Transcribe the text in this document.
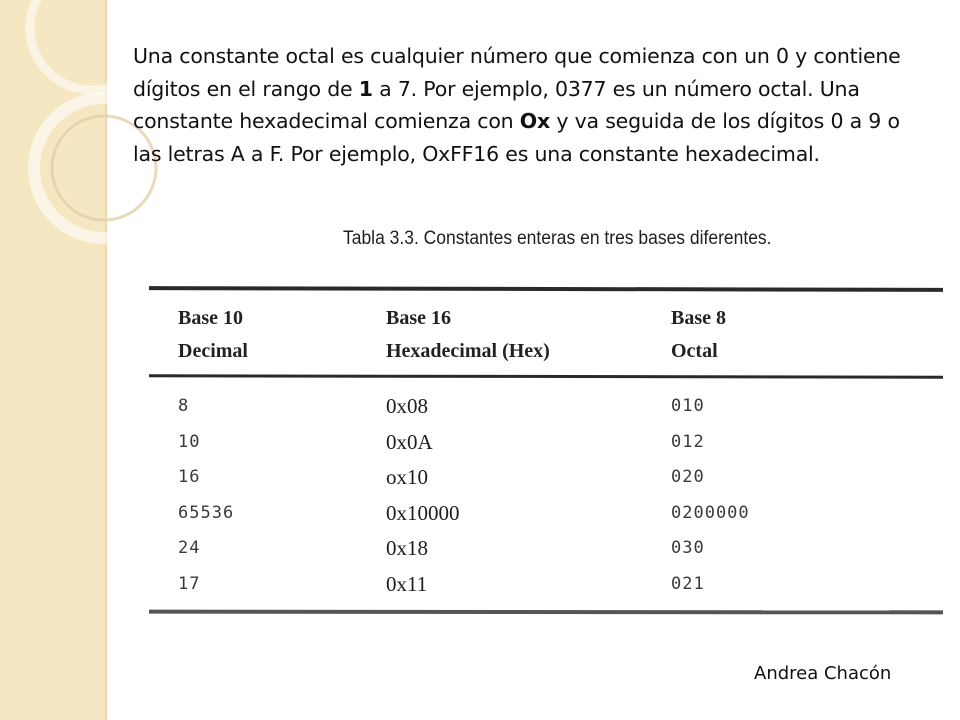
Una constante octal es cualquier número que comienza con un 0 y contiene dígitos en el rango de 1 a 7. Por ejemplo, 0377 es un número octal. Una constante hexadecimal comienza con Ox y va seguida de los dígitos 0 a 9 o las letras A a F. Por ejemplo, OxFF16 es una constante hexadecimal.

Tabla 3.3. Constantes enteras en tres bases diferentes.
Base 10
Decimal
Base 16
Hexadecimal (Hex)
Base 8
Octal
8
10
16
65536
24
17
0x08
0x0A
ox10
0x10000
0x18
0x11
010
012
020
0200000
030
021
Andrea Chacón
